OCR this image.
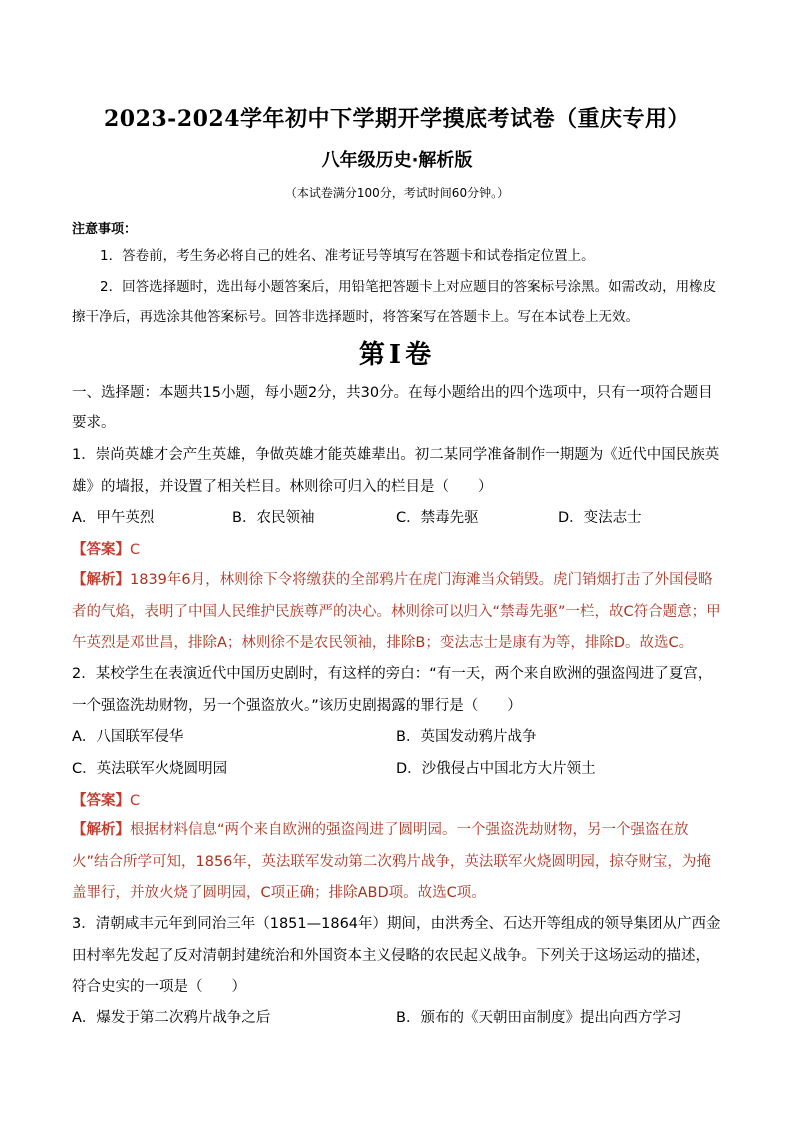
2023-2024学年初中下学期开学摸底考试卷（重庆专用）
八年级历史·解析版
（本试卷满分100分，考试时间60分钟。）
注意事项：
1．答卷前，考生务必将自己的姓名、准考证号等填写在答题卡和试卷指定位置上。
2．回答选择题时，选出每小题答案后，用铅笔把答题卡上对应题目的答案标号涂黑。如需改动，用橡皮擦干净后，再选涂其他答案标号。回答非选择题时，将答案写在答题卡上。写在本试卷上无效。
第Ⅰ卷
一、选择题：本题共15小题，每小题2分，共30分。在每小题给出的四个选项中，只有一项符合题目要求。
1．崇尚英雄才会产生英雄，争做英雄才能英雄辈出。初二某同学准备制作一期题为《近代中国民族英雄》的墙报，并设置了相关栏目。林则徐可归入的栏目是（　　）
A．甲午英烈	B．农民领袖	C．禁毒先驱	D．变法志士
【答案】C
【解析】1839年6月，林则徐下令将缴获的全部鸦片在虎门海滩当众销毁。虎门销烟打击了外国侵略者的气焰，表明了中国人民维护民族尊严的决心。林则徐可以归入“禁毒先驱”一栏，故C符合题意；甲午英烈是邓世昌，排除A；林则徐不是农民领袖，排除B；变法志士是康有为等，排除D。故选C。
2．某校学生在表演近代中国历史剧时，有这样的旁白：“有一天，两个来自欧洲的强盗闯进了夏宫，一个强盗洗劫财物，另一个强盗放火。”该历史剧揭露的罪行是（　　）
A．八国联军侵华	B．英国发动鸦片战争
C．英法联军火烧圆明园	D．沙俄侵占中国北方大片领土
【答案】C
【解析】根据材料信息“两个来自欧洲的强盗闯进了圆明园。一个强盗洗劫财物，另一个强盗在放火”结合所学可知，1856年，英法联军发动第二次鸦片战争，英法联军火烧圆明园，掠夺财宝，为掩盖罪行，并放火烧了圆明园，C项正确；排除ABD项。故选C项。
3．清朝咸丰元年到同治三年（1851—1864年）期间，由洪秀全、石达开等组成的领导集团从广西金田村率先发起了反对清朝封建统治和外国资本主义侵略的农民起义战争。下列关于这场运动的描述，符合史实的一项是（　　）
A．爆发于第二次鸦片战争之后	B．颁布的《天朝田亩制度》提出向西方学习
